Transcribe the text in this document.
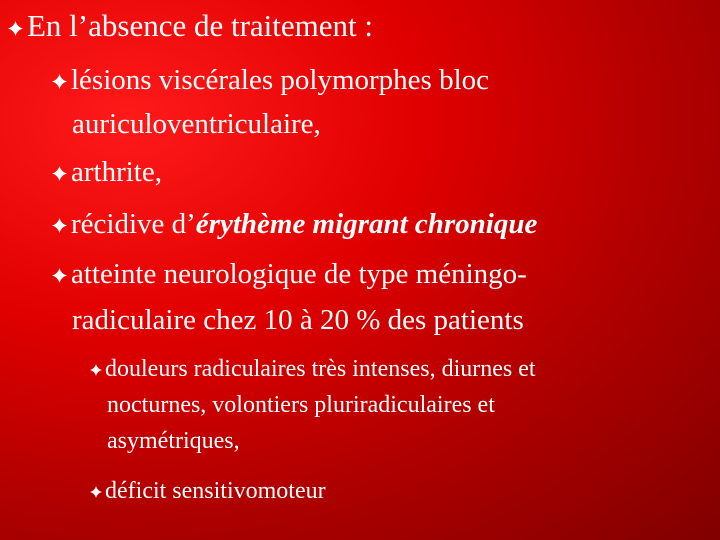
En l’absence de traitement :
lésions viscérales polymorphes bloc
auriculoventriculaire,
arthrite,
récidive d’érythème migrant chronique
atteinte neurologique de type méningo-
radiculaire chez 10 à 20 % des patients
douleurs radiculaires très intenses, diurnes et
nocturnes, volontiers pluriradiculaires et
asymétriques,
déficit sensitivomoteur
